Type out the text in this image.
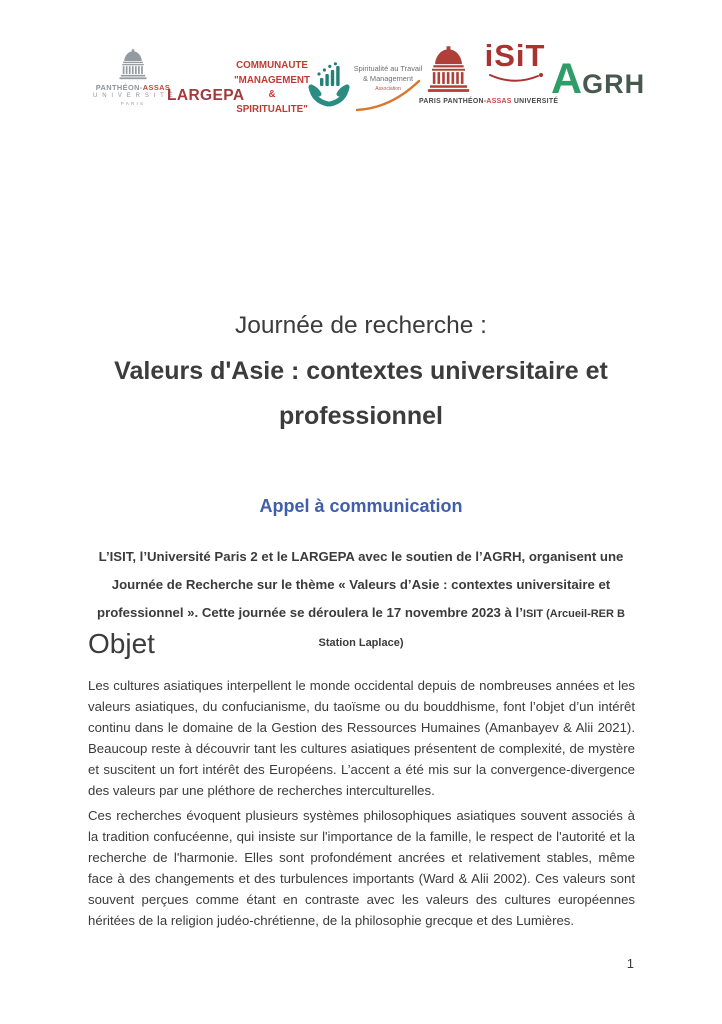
PANTHÉON-ASSAS
U N I V E R S I T É
PARIS	LARGEPA
COMMUNAUTE
"MANAGEMENT &
SPIRITUALITE"
Spiritualité au Travail
& Management
Association
PARIS PANTHÉON-ASSAS UNIVERSITÉ
iSiT AGRH
Journée de recherche :
Valeurs d'Asie : contextes universitaire et
professionnel
Appel à communication

L’ISIT, l’Université Paris 2 et le LARGEPA avec le soutien de l’AGRH, organisent une Journée de Recherche sur le thème « Valeurs d’Asie : contextes universitaire et professionnel ». Cette journée se déroulera le 17 novembre 2023 à l’ISIT (Arcueil-RER B Station Laplace)

Objet

Les cultures asiatiques interpellent le monde occidental depuis de nombreuses années et les valeurs asiatiques, du confucianisme, du taoïsme ou du bouddhisme, font l’objet d’un intérêt continu dans le domaine de la Gestion des Ressources Humaines (Amanbayev & Alii 2021). Beaucoup reste à découvrir tant les cultures asiatiques présentent de complexité, de mystère et suscitent un fort intérêt des Européens. L’accent a été mis sur la convergence-divergence des valeurs par une pléthore de recherches interculturelles.

Ces recherches évoquent plusieurs systèmes philosophiques asiatiques souvent associés à la tradition confucéenne, qui insiste sur l'importance de la famille, le respect de l'autorité et la recherche de l'harmonie. Elles sont profondément ancrées et relativement stables, même face à des changements et des turbulences importants (Ward & Alii 2002). Ces valeurs sont souvent perçues comme étant en contraste avec les valeurs des cultures européennes héritées de la religion judéo-chrétienne, de la philosophie grecque et des Lumières.

1
